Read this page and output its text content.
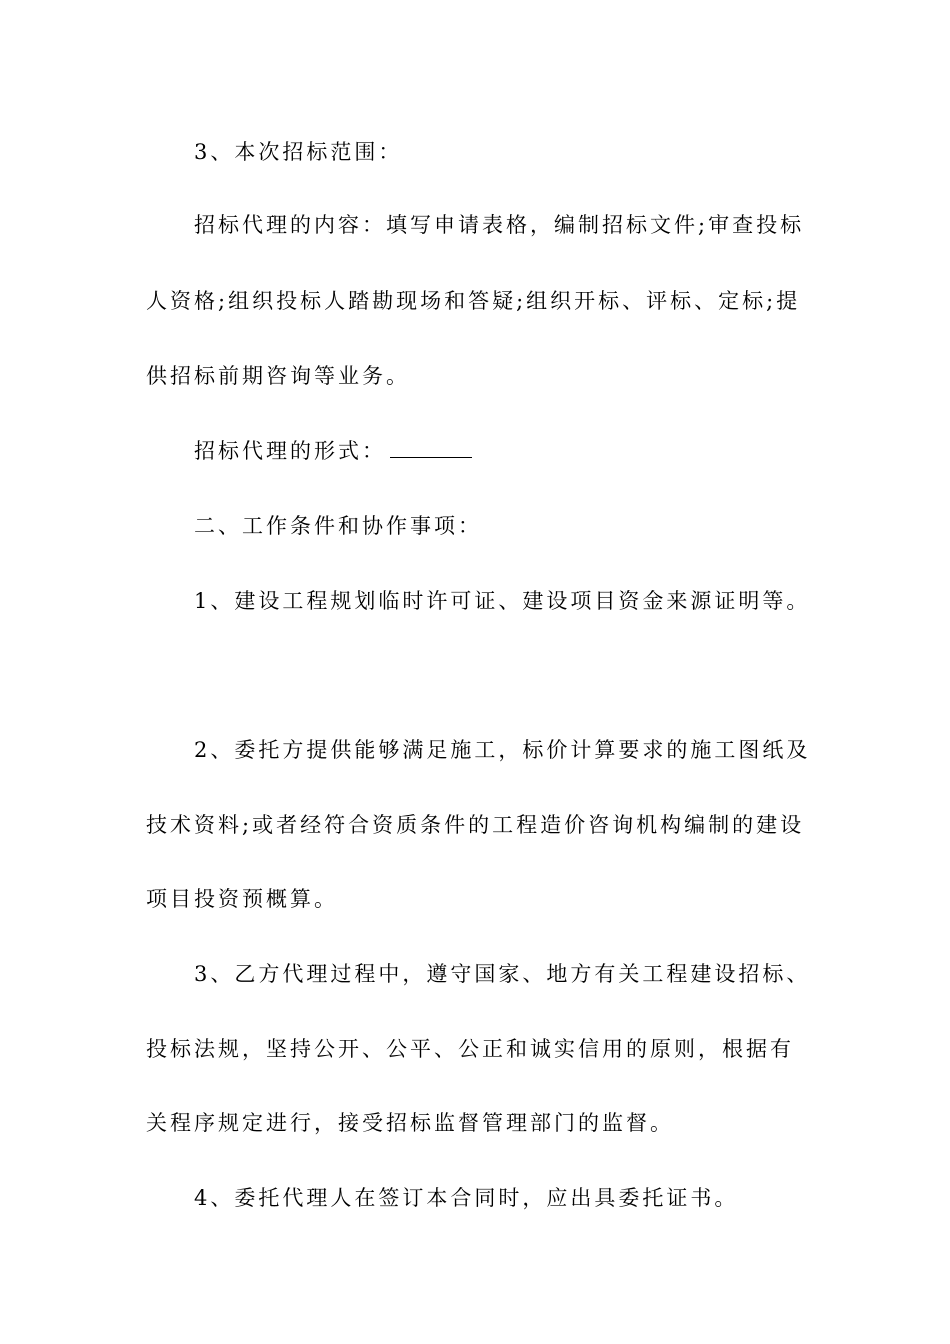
3、本次招标范围：
招标代理的内容：填写申请表格，编制招标文件;审查投标
人资格;组织投标人踏勘现场和答疑;组织开标、评标、定标;提
供招标前期咨询等业务。
招标代理的形式：
二、工作条件和协作事项：
1、建设工程规划临时许可证、建设项目资金来源证明等。
2、委托方提供能够满足施工，标价计算要求的施工图纸及
技术资料;或者经符合资质条件的工程造价咨询机构编制的建设
项目投资预概算。
3、乙方代理过程中，遵守国家、地方有关工程建设招标、
投标法规，坚持公开、公平、公正和诚实信用的原则，根据有
关程序规定进行，接受招标监督管理部门的监督。
4、委托代理人在签订本合同时，应出具委托证书。
